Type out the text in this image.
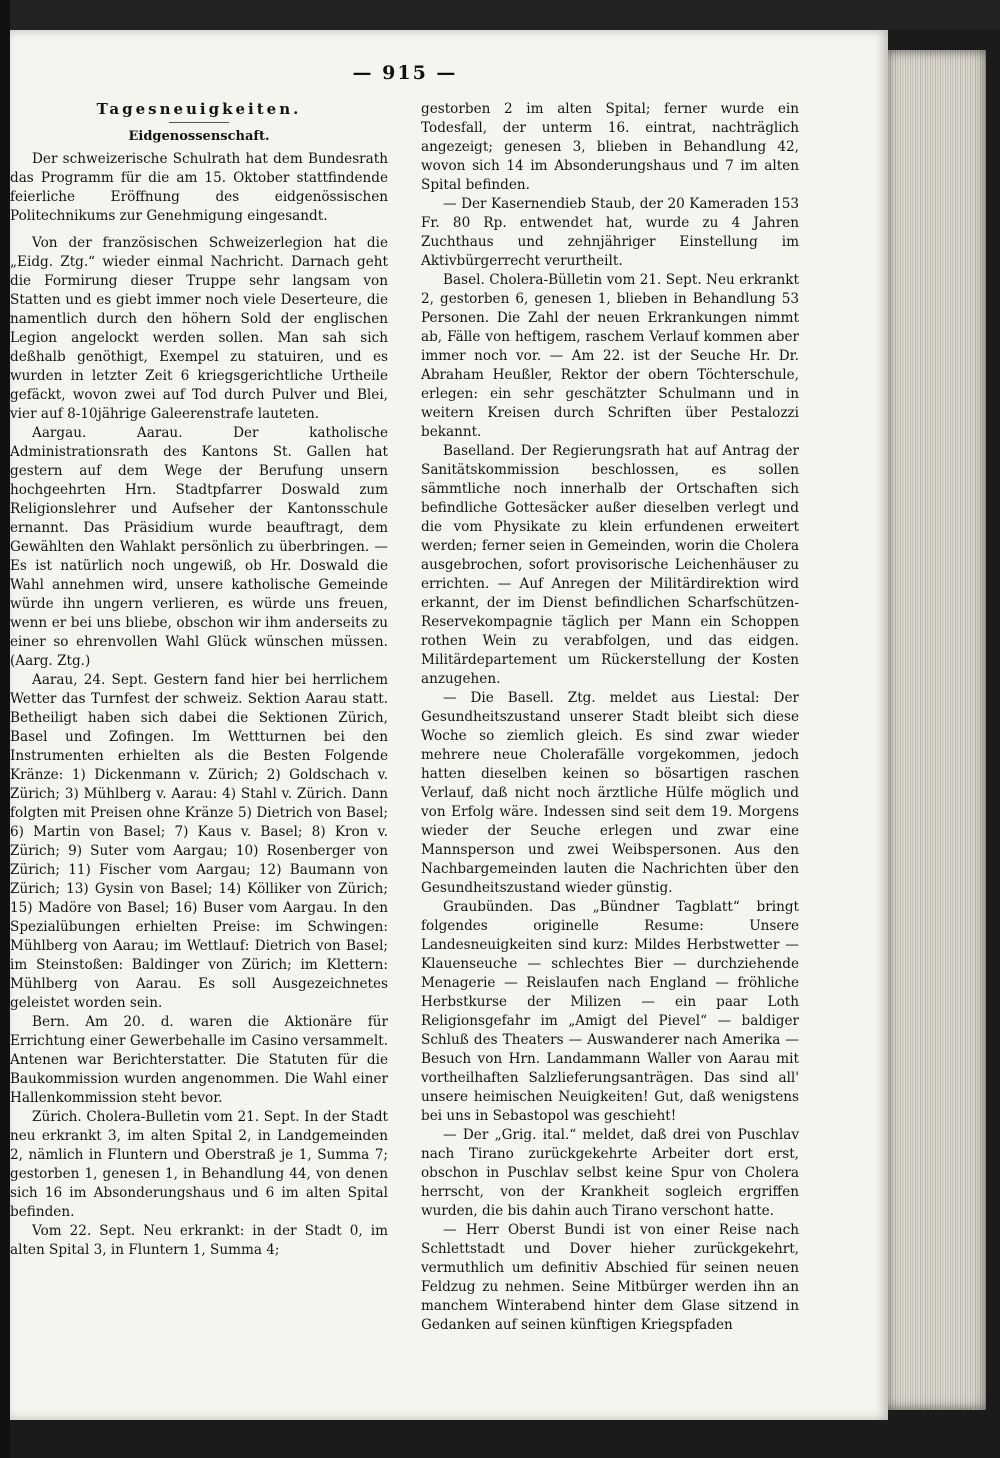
— 915 —
Tagesneuigkeiten.
Eidgenossenschaft.

Der schweizerische Schulrath hat dem Bundesrath das Programm für die am 15. Oktober stattfindende feierliche Eröffnung des eidgenössischen Politechnikums zur Genehmigung eingesandt.

Von der französischen Schweizerlegion hat die „Eidg. Ztg.“ wieder einmal Nachricht. Darnach geht die Formirung dieser Truppe sehr langsam von Statten und es giebt immer noch viele Deserteure, die namentlich durch den höhern Sold der englischen Legion angelockt werden sollen. Man sah sich deßhalb genöthigt, Exempel zu statuiren, und es wurden in letzter Zeit 6 kriegsgerichtliche Urtheile gefäckt, wovon zwei auf Tod durch Pulver und Blei, vier auf 8-10jährige Galeerenstrafe lauteten.

Aargau. Aarau. Der katholische Administrationsrath des Kantons St. Gallen hat gestern auf dem Wege der Berufung unsern hochgeehrten Hrn. Stadtpfarrer Doswald zum Religionslehrer und Aufseher der Kantonsschule ernannt. Das Präsidium wurde beauftragt, dem Gewählten den Wahlakt persönlich zu überbringen. — Es ist natürlich noch ungewiß, ob Hr. Doswald die Wahl annehmen wird, unsere katholische Gemeinde würde ihn ungern verlieren, es würde uns freuen, wenn er bei uns bliebe, obschon wir ihm anderseits zu einer so ehrenvollen Wahl Glück wünschen müssen. (Aarg. Ztg.)

Aarau, 24. Sept. Gestern fand hier bei herrlichem Wetter das Turnfest der schweiz. Sektion Aarau statt. Betheiligt haben sich dabei die Sektionen Zürich, Basel und Zofingen. Im Wettturnen bei den Instrumenten erhielten als die Besten Folgende Kränze: 1) Dickenmann v. Zürich; 2) Goldschach v. Zürich; 3) Mühlberg v. Aarau: 4) Stahl v. Zürich. Dann folgten mit Preisen ohne Kränze 5) Dietrich von Basel; 6) Martin von Basel; 7) Kaus v. Basel; 8) Kron v. Zürich; 9) Suter vom Aargau; 10) Rosenberger von Zürich; 11) Fischer vom Aargau; 12) Baumann von Zürich; 13) Gysin von Basel; 14) Kölliker von Zürich; 15) Madöre von Basel; 16) Buser vom Aargau. In den Spezialübungen erhielten Preise: im Schwingen: Mühlberg von Aarau; im Wettlauf: Dietrich von Basel; im Steinstoßen: Baldinger von Zürich; im Klettern: Mühlberg von Aarau. Es soll Ausgezeichnetes geleistet worden sein.

Bern. Am 20. d. waren die Aktionäre für Errichtung einer Gewerbehalle im Casino versammelt. Antenen war Berichterstatter. Die Statuten für die Baukommission wurden angenommen. Die Wahl einer Hallenkommission steht bevor.

Zürich. Cholera-Bulletin vom 21. Sept. In der Stadt neu erkrankt 3, im alten Spital 2, in Landgemeinden 2, nämlich in Fluntern und Oberstraß je 1, Summa 7; gestorben 1, genesen 1, in Behandlung 44, von denen sich 16 im Absonderungshaus und 6 im alten Spital befinden.

Vom 22. Sept. Neu erkrankt: in der Stadt 0, im alten Spital 3, in Fluntern 1, Summa 4;

gestorben 2 im alten Spital; ferner wurde ein Todesfall, der unterm 16. eintrat, nachträglich angezeigt; genesen 3, blieben in Behandlung 42, wovon sich 14 im Absonderungshaus und 7 im alten Spital befinden.

— Der Kasernendieb Staub, der 20 Kameraden 153 Fr. 80 Rp. entwendet hat, wurde zu 4 Jahren Zuchthaus und zehnjähriger Einstellung im Aktivbürgerrecht verurtheilt.

Basel. Cholera-Bülletin vom 21. Sept. Neu erkrankt 2, gestorben 6, genesen 1, blieben in Behandlung 53 Personen. Die Zahl der neuen Erkrankungen nimmt ab, Fälle von heftigem, raschem Verlauf kommen aber immer noch vor. — Am 22. ist der Seuche Hr. Dr. Abraham Heußler, Rektor der obern Töchterschule, erlegen: ein sehr geschätzter Schulmann und in weitern Kreisen durch Schriften über Pestalozzi bekannt.

Baselland. Der Regierungsrath hat auf Antrag der Sanitätskommission beschlossen, es sollen sämmtliche noch innerhalb der Ortschaften sich befindliche Gottesäcker außer dieselben verlegt und die vom Physikate zu klein erfundenen erweitert werden; ferner seien in Gemeinden, worin die Cholera ausgebrochen, sofort provisorische Leichenhäuser zu errichten. — Auf Anregen der Militärdirektion wird erkannt, der im Dienst befindlichen Scharfschützen-Reservekompagnie täglich per Mann ein Schoppen rothen Wein zu verabfolgen, und das eidgen. Militärdepartement um Rückerstellung der Kosten anzugehen.

— Die Basell. Ztg. meldet aus Liestal: Der Gesundheitszustand unserer Stadt bleibt sich diese Woche so ziemlich gleich. Es sind zwar wieder mehrere neue Cholerafälle vorgekommen, jedoch hatten dieselben keinen so bösartigen raschen Verlauf, daß nicht noch ärztliche Hülfe möglich und von Erfolg wäre. Indessen sind seit dem 19. Morgens wieder der Seuche erlegen und zwar eine Mannsperson und zwei Weibspersonen. Aus den Nachbargemeinden lauten die Nachrichten über den Gesundheitszustand wieder günstig.

Graubünden. Das „Bündner Tagblatt“ bringt folgendes originelle Resume: Unsere Landesneuigkeiten sind kurz: Mildes Herbstwetter — Klauenseuche — schlechtes Bier — durchziehende Menagerie — Reislaufen nach England — fröhliche Herbstkurse der Milizen — ein paar Loth Religionsgefahr im „Amigt del Pievel“ — baldiger Schluß des Theaters — Auswanderer nach Amerika — Besuch von Hrn. Landammann Waller von Aarau mit vortheilhaften Salzlieferungsanträgen. Das sind all' unsere heimischen Neuigkeiten! Gut, daß wenigstens bei uns in Sebastopol was geschieht!

— Der „Grig. ital.“ meldet, daß drei von Puschlav nach Tirano zurückgekehrte Arbeiter dort erst, obschon in Puschlav selbst keine Spur von Cholera herrscht, von der Krankheit sogleich ergriffen wurden, die bis dahin auch Tirano verschont hatte.

— Herr Oberst Bundi ist von einer Reise nach Schlettstadt und Dover hieher zurückgekehrt, vermuthlich um definitiv Abschied für seinen neuen Feldzug zu nehmen. Seine Mitbürger werden ihn an manchem Winterabend hinter dem Glase sitzend in Gedanken auf seinen künftigen Kriegspfaden
